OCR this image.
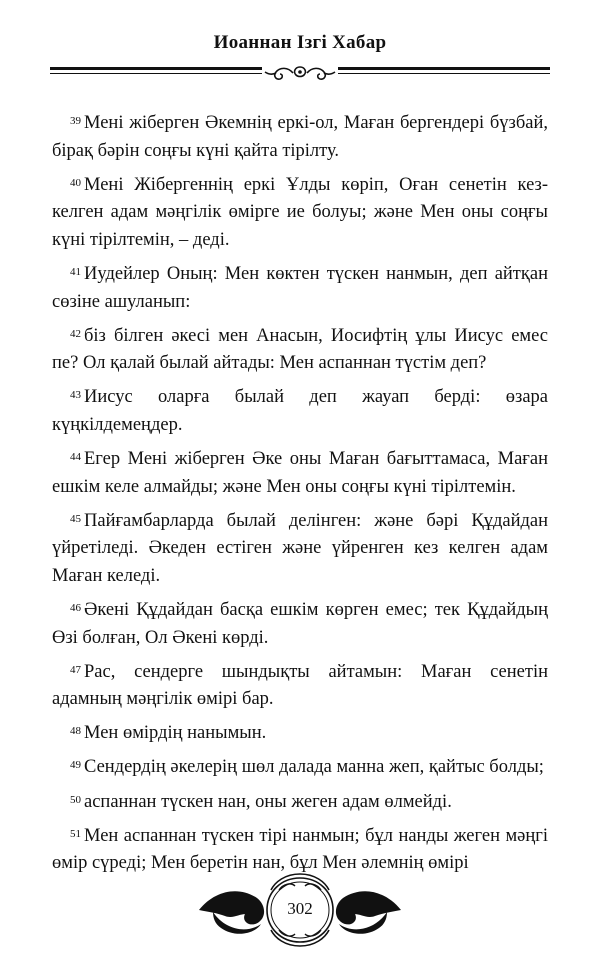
Иоаннан Ізгі Хабар

$^{39}$ Мені жіберген Әкемнің еркі-ол, Маған бергендері бүзбай, бірақ бәрін соңғы күні қайта тірілту.

$^{40}$ Мені Жібергеннің еркі Ұлды көріп, Оған сенетін кез-келген адам мәңгілік өмірге ие болуы; және Мен оны соңғы күні тірілтемін, – деді.

$^{41}$ Иудейлер Оның: Мен көктен түскен нанмын, деп айтқан сөзіне ашуланып:

$^{42}$ біз білген әкесі мен Анасын, Иосифтің ұлы Иисус емес пе? Ол қалай былай айтады: Мен аспаннан түстім деп?

$^{43}$ Иисус оларға былай деп жауап берді: өзара күңкілдемеңдер.

$^{44}$ Егер Мені жіберген Әке оны Маған бағыттамаса, Маған ешкім келе алмайды; және Мен оны соңғы күні тірілтемін.

$^{45}$ Пайғамбарларда былай делінген: және бәрі Құдайдан үйретіледі. Әкеден естіген және үйренген кез келген адам Маған келеді.

$^{46}$ Әкені Құдайдан басқа ешкім көрген емес; тек Құдайдың Өзі болған, Ол Әкені көрді.

$^{47}$ Рас, сендерге шындықты айтамын: Маған сенетін адамның мәңгілік өмірі бар.

$^{48}$ Мен өмірдің нанымын.

$^{49}$ Сендердің әкелерің шөл далада манна жеп, қайтыс болды;

$^{50}$ аспаннан түскен нан, оны жеген адам өлмейді.

$^{51}$ Мен аспаннан түскен тірі нанмын; бұл нанды жеген мәңгі өмір сүреді; Мен беретін нан, бұл Мен әлемнің өмірі

302
